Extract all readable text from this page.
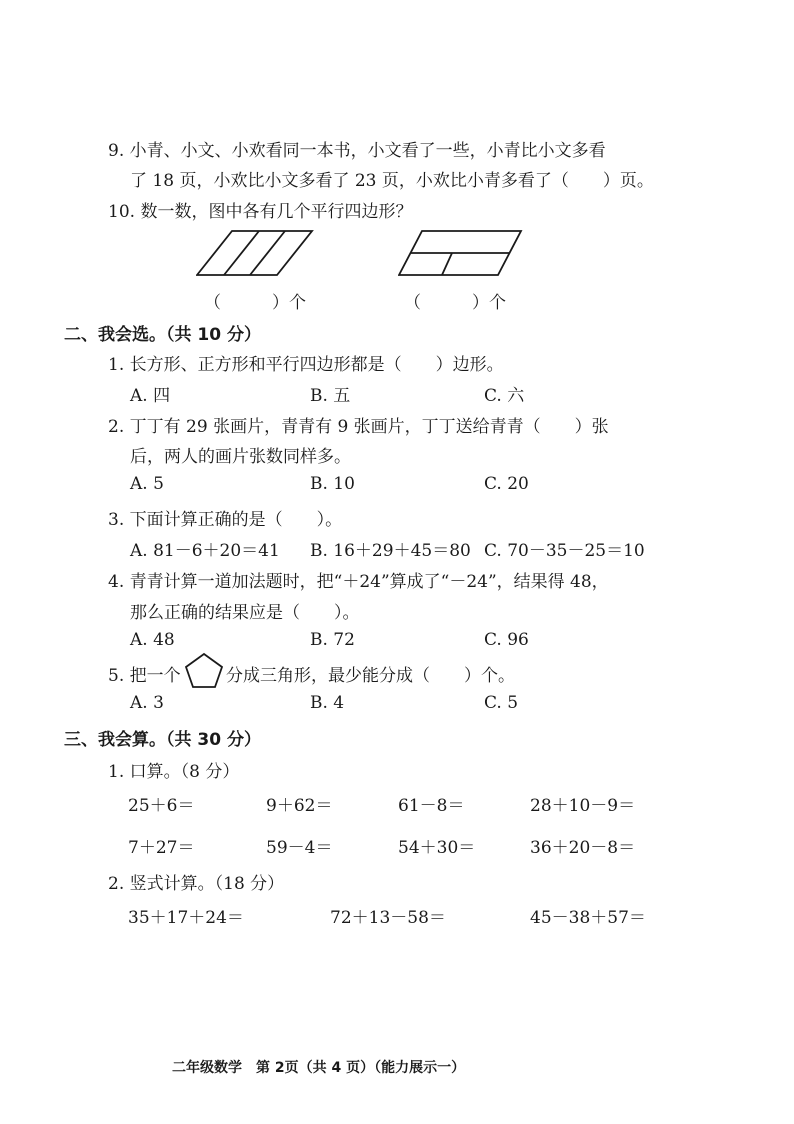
9. 小青、小文、小欢看同一本书，小文看了一些，小青比小文多看
了 18 页，小欢比小文多看了 23 页，小欢比小青多看了（　　）页。
10. 数一数，图中各有几个平行四边形？
（　　　）个	（　　　）个
二、我会选。（共 10 分）
1. 长方形、正方形和平行四边形都是（　　）边形。
A. 四	B. 五	C. 六
2. 丁丁有 29 张画片，青青有 9 张画片，丁丁送给青青（　　）张
后，两人的画片张数同样多。
A. 5	B. 10	C. 20
3. 下面计算正确的是（　　）。
A. 81－6＋20＝41 B. 16＋29＋45＝80 C. 70－35－25＝10
4. 青青计算一道加法题时，把“＋24”算成了“－24”，结果得 48，
那么正确的结果应是（　　）。
A. 48	B. 72	C. 96
5. 把一个	分成三角形，最少能分成（　　）个。
A. 3	B. 4	C. 5
三、我会算。（共 30 分）
1. 口算。（8 分）
25＋6＝	9＋62＝	61－8＝	28＋10－9＝
7＋27＝	59－4＝	54＋30＝	36＋20－8＝
2. 竖式计算。（18 分）
35＋17＋24＝	72＋13－58＝	45－38＋57＝
二年级数学　第 2页（共 4 页）（能力展示一）
